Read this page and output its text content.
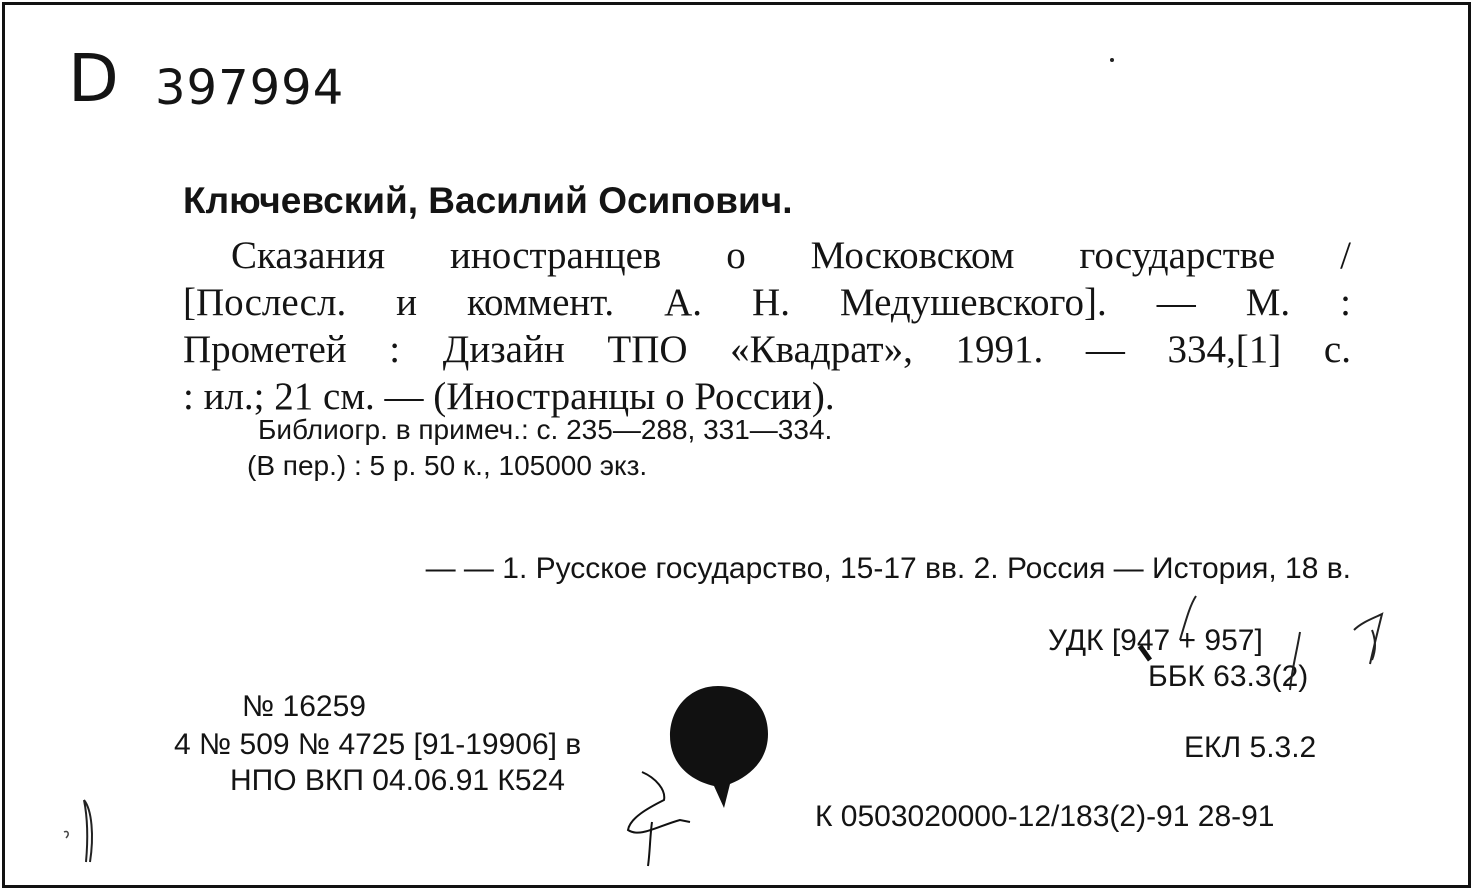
D 397994
Ключевский, Василий Осипович.
Сказания иностранцев о Московском государстве /
[Послесл. и коммент. А. Н. Медушевского]. — М. :
Прометей : Дизайн ТПО «Квадрат», 1991. — 334,[1] с.
: ил.; 21 см. — (Иностранцы о России).
Библиогр. в примеч.: с. 235—288, 331—334.
(В пер.) : 5 р. 50 к., 105000 экз.
— — 1. Русское государство, 15-17 вв. 2. Россия — История, 18 в.
УДК [947 + 957]
ББК 63.3(2)
№ 16259
4 № 509 № 4725 [91-19906] в
НПО ВКП 04.06.91 К524
ЕКЛ 5.3.2
К 0503020000-12/183(2)-91 28-91
